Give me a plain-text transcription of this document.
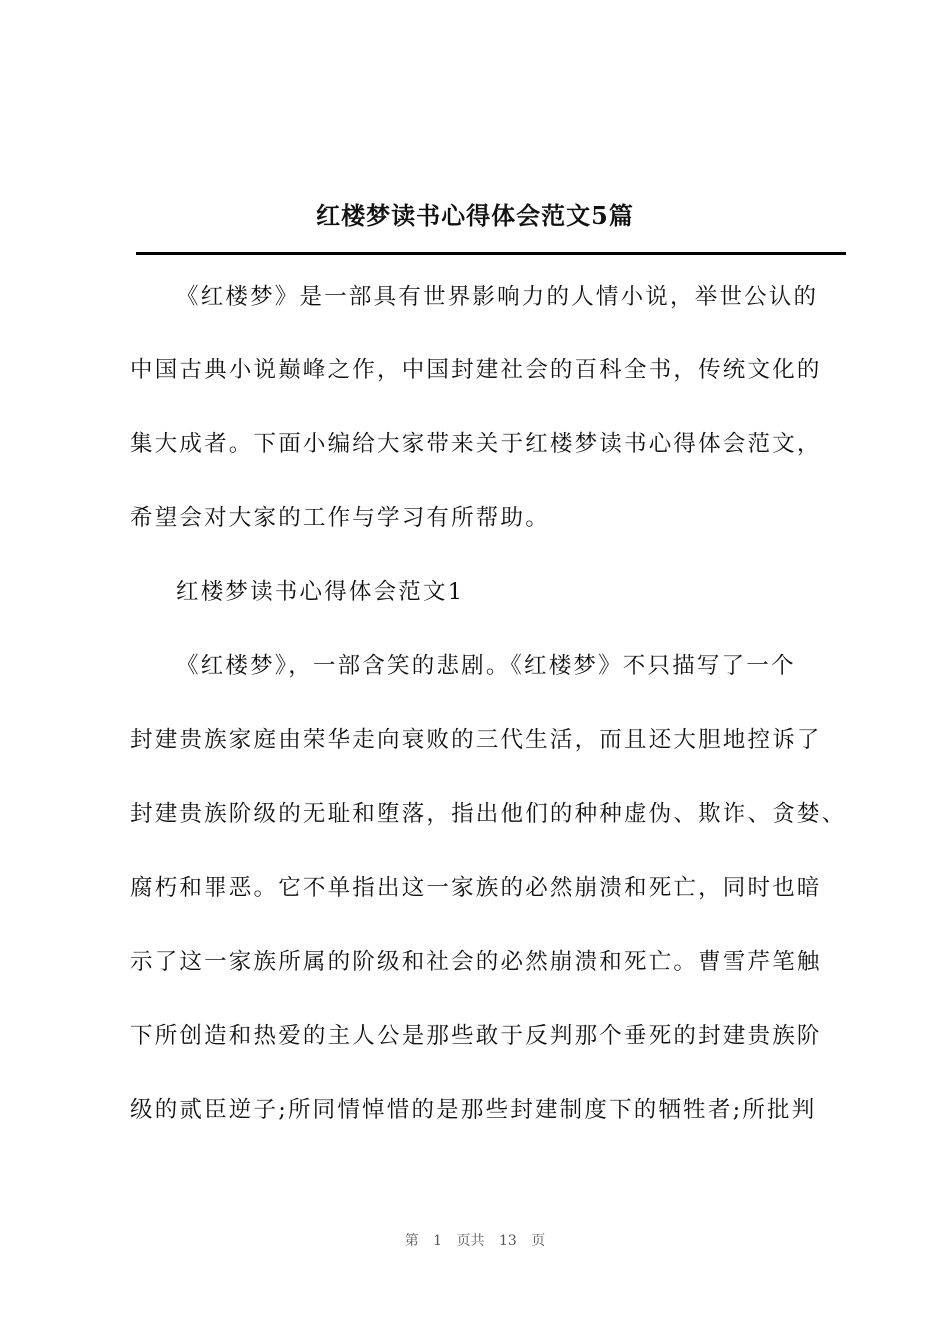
红楼梦读书心得体会范文5篇
《红楼梦》是一部具有世界影响力的人情小说，举世公认的
中国古典小说巅峰之作，中国封建社会的百科全书，传统文化的
集大成者。下面小编给大家带来关于红楼梦读书心得体会范文，
希望会对大家的工作与学习有所帮助。
红楼梦读书心得体会范文1
《红楼梦》，一部含笑的悲剧。《红楼梦》不只描写了一个
封建贵族家庭由荣华走向衰败的三代生活，而且还大胆地控诉了
封建贵族阶级的无耻和堕落，指出他们的种种虚伪、欺诈、贪婪、
腐朽和罪恶。它不单指出这一家族的必然崩溃和死亡，同时也暗
示了这一家族所属的阶级和社会的必然崩溃和死亡。曹雪芹笔触
下所创造和热爱的主人公是那些敢于反判那个垂死的封建贵族阶
级的贰臣逆子;所同情悼惜的是那些封建制度下的牺牲者;所批判
第 1 页共 13 页
